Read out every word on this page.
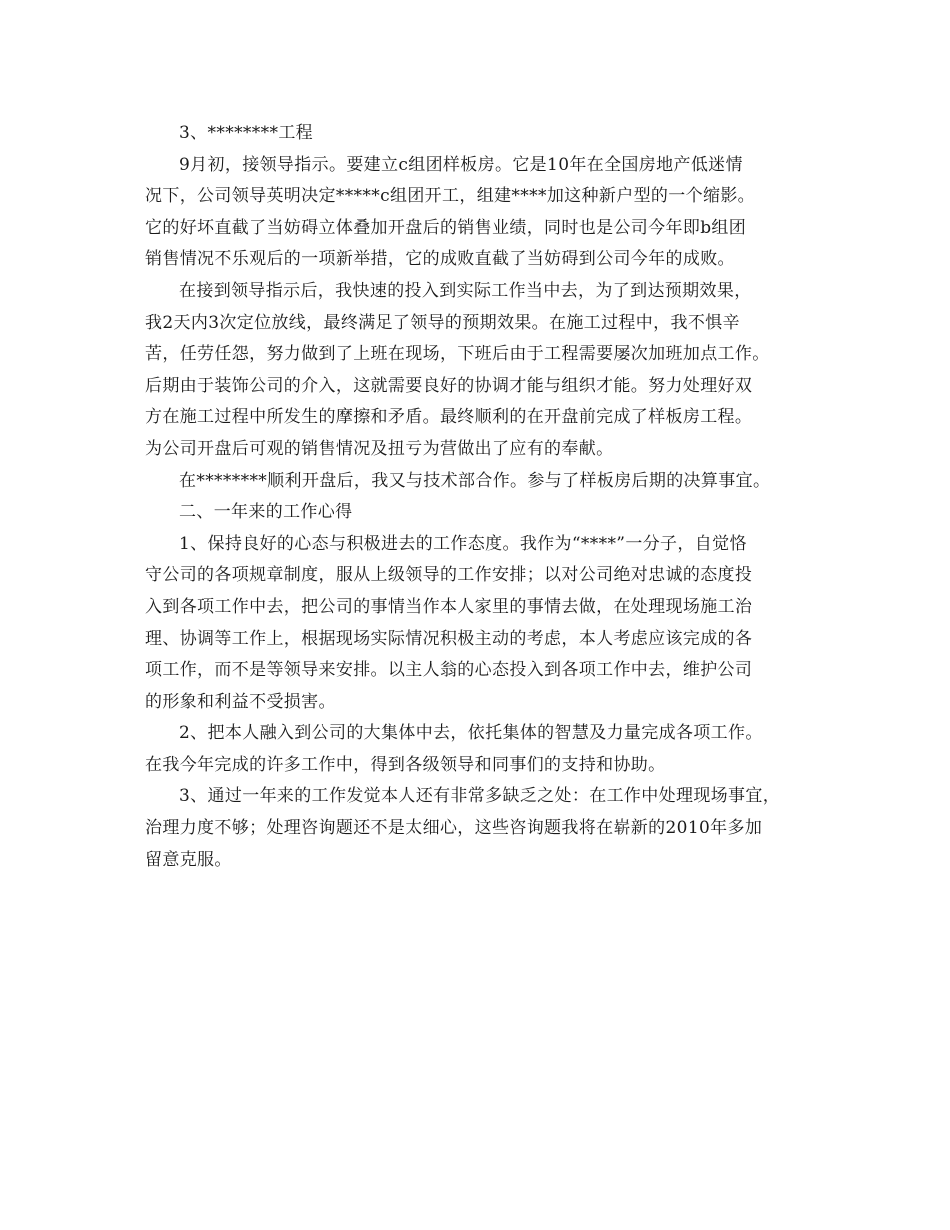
3、********工程
9月初，接领导指示。要建立c组团样板房。它是10年在全国房地产低迷情
况下，公司领导英明决定*****c组团开工，组建****加这种新户型的一个缩影。
它的好坏直截了当妨碍立体叠加开盘后的销售业绩，同时也是公司今年即b组团
销售情况不乐观后的一项新举措，它的成败直截了当妨碍到公司今年的成败。
在接到领导指示后，我快速的投入到实际工作当中去，为了到达预期效果，
我2天内3次定位放线，最终满足了领导的预期效果。在施工过程中，我不惧辛
苦，任劳任怨，努力做到了上班在现场，下班后由于工程需要屡次加班加点工作。
后期由于装饰公司的介入，这就需要良好的协调才能与组织才能。努力处理好双
方在施工过程中所发生的摩擦和矛盾。最终顺利的在开盘前完成了样板房工程。
为公司开盘后可观的销售情况及扭亏为营做出了应有的奉献。
在********顺利开盘后，我又与技术部合作。参与了样板房后期的决算事宜。
二、一年来的工作心得
1、保持良好的心态与积极进去的工作态度。我作为“****”一分子，自觉恪
守公司的各项规章制度，服从上级领导的工作安排；以对公司绝对忠诚的态度投
入到各项工作中去，把公司的事情当作本人家里的事情去做，在处理现场施工治
理、协调等工作上，根据现场实际情况积极主动的考虑，本人考虑应该完成的各
项工作，而不是等领导来安排。以主人翁的心态投入到各项工作中去，维护公司
的形象和利益不受损害。
2、把本人融入到公司的大集体中去，依托集体的智慧及力量完成各项工作。
在我今年完成的许多工作中，得到各级领导和同事们的支持和协助。
3、通过一年来的工作发觉本人还有非常多缺乏之处：在工作中处理现场事宜，
治理力度不够；处理咨询题还不是太细心，这些咨询题我将在崭新的2010年多加
留意克服。
